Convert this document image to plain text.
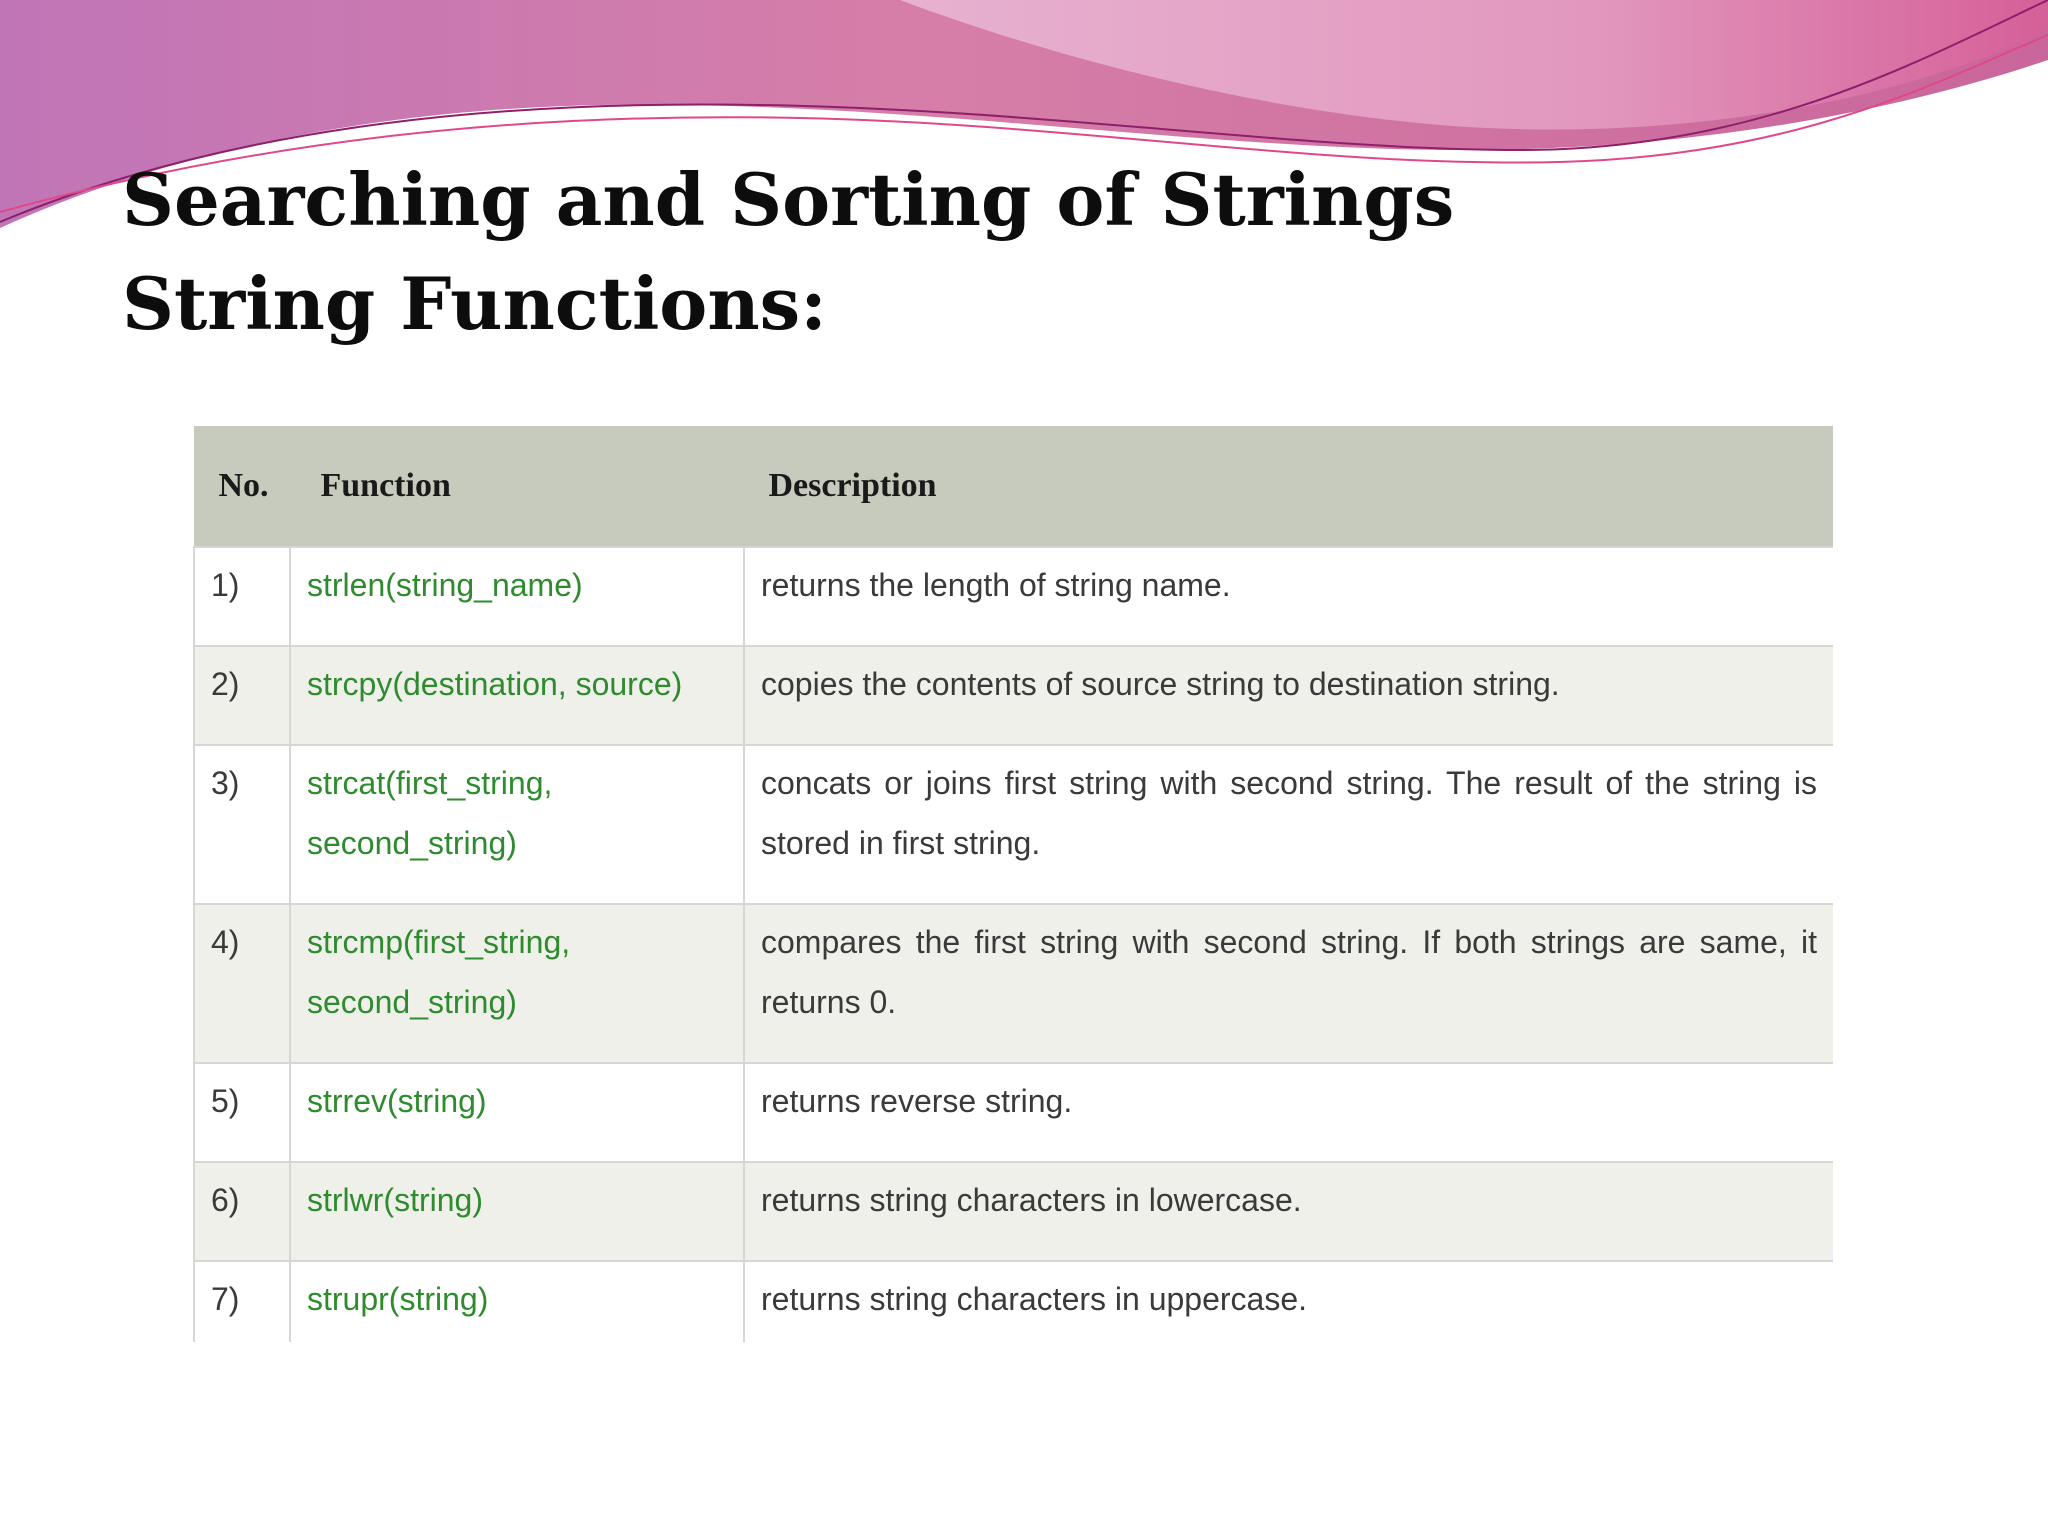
Searching and Sorting of Strings
String Functions:
No.	Function	Description
1)	strlen(string_name)	returns the length of string name.
2)	strcpy(destination, source)	copies the contents of source string to destination string.
3)	strcat(first_string, second_string)	concats or joins first string with second string. The result of the string is stored in first string.
4)	strcmp(first_string, second_string)	compares the first string with second string. If both strings are same, it returns 0.
5)	strrev(string)	returns reverse string.
6)	strlwr(string)	returns string characters in lowercase.
7)	strupr(string)	returns string characters in uppercase.
